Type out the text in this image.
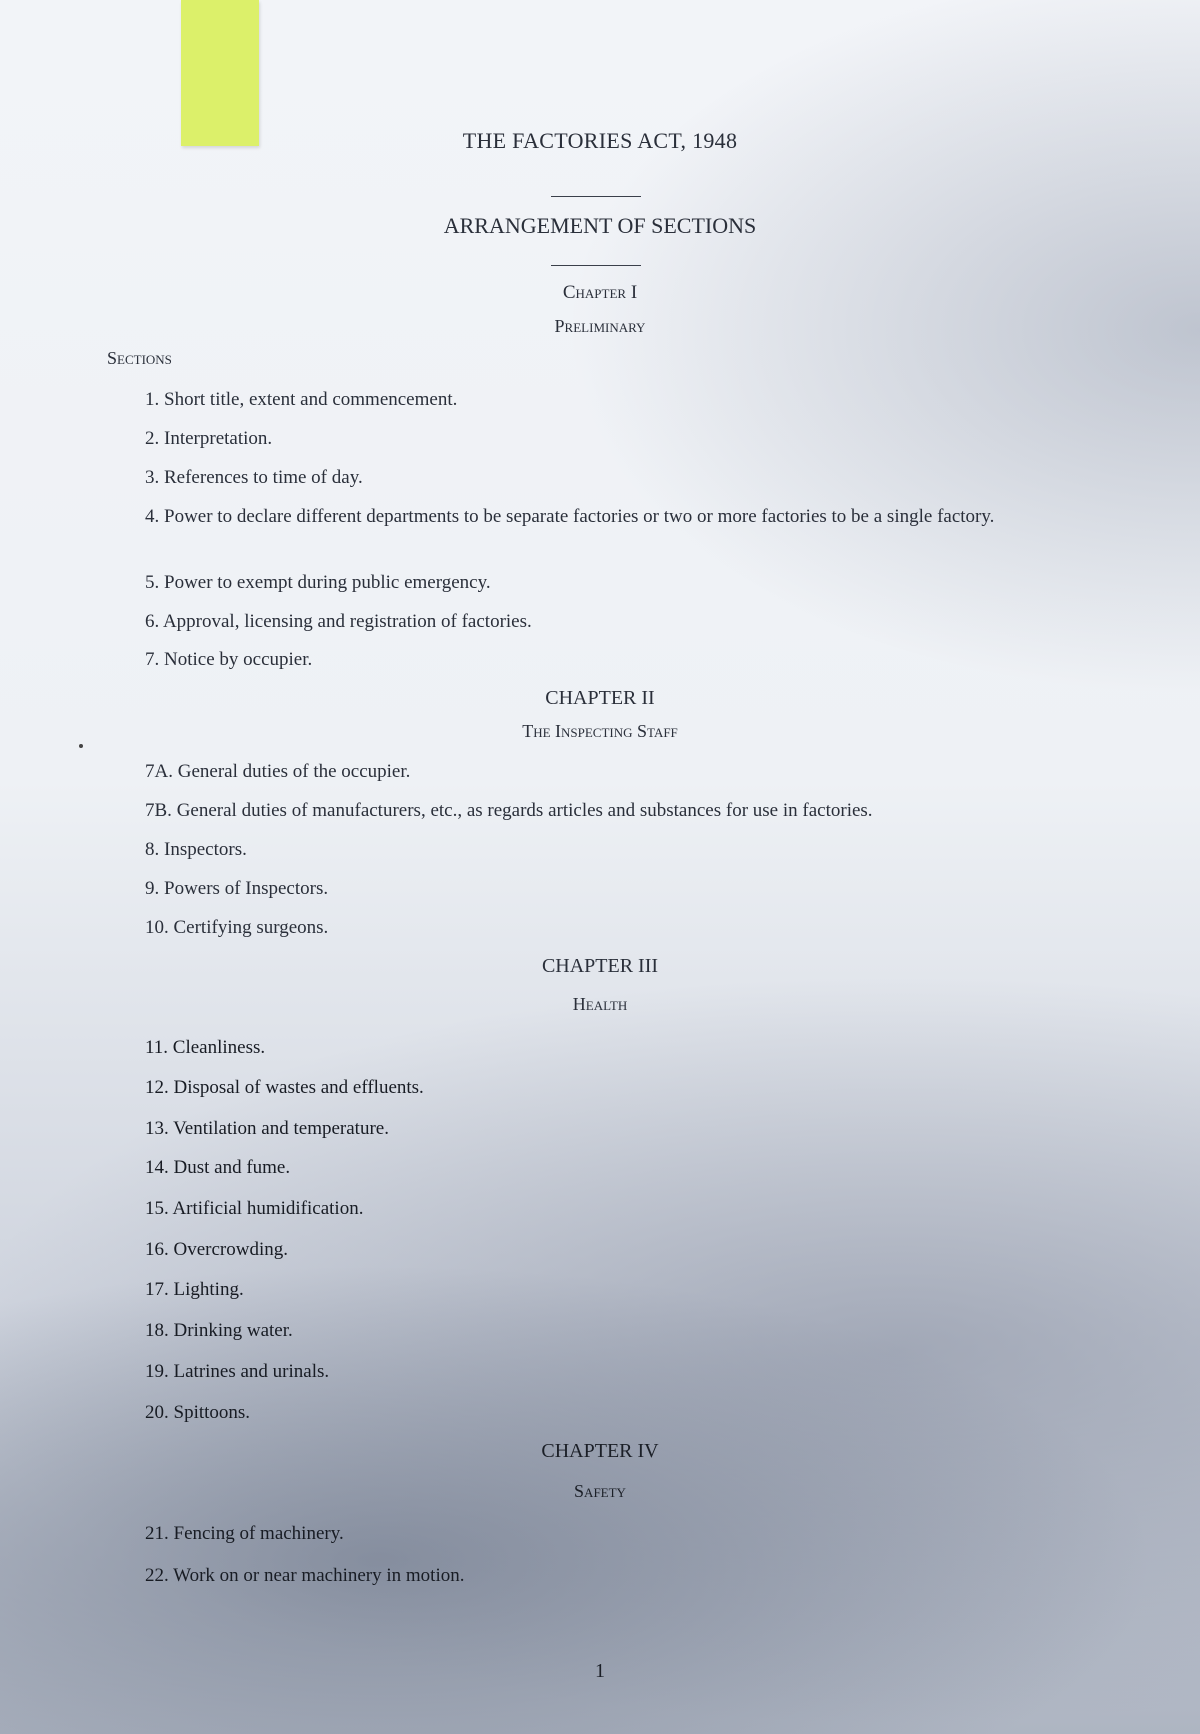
THE FACTORIES ACT, 1948
ARRANGEMENT OF SECTIONS
Chapter I
Preliminary

Sections

1. Short title, extent and commencement.
2. Interpretation.
3. References to time of day.
4. Power to declare different departments to be separate factories or two or more factories to be a single factory.
5. Power to exempt during public emergency.
6. Approval, licensing and registration of factories.
7. Notice by occupier.
CHAPTER II
The Inspecting Staff
7A. General duties of the occupier.
7B. General duties of manufacturers, etc., as regards articles and substances for use in factories.
8. Inspectors.
9. Powers of Inspectors.
10. Certifying surgeons.
CHAPTER III
Health
11. Cleanliness.
12. Disposal of wastes and effluents.
13. Ventilation and temperature.
14. Dust and fume.
15. Artificial humidification.
16. Overcrowding.
17. Lighting.
18. Drinking water.
19. Latrines and urinals.
20. Spittoons.
CHAPTER IV
Safety
21. Fencing of machinery.
22. Work on or near machinery in motion.

1
